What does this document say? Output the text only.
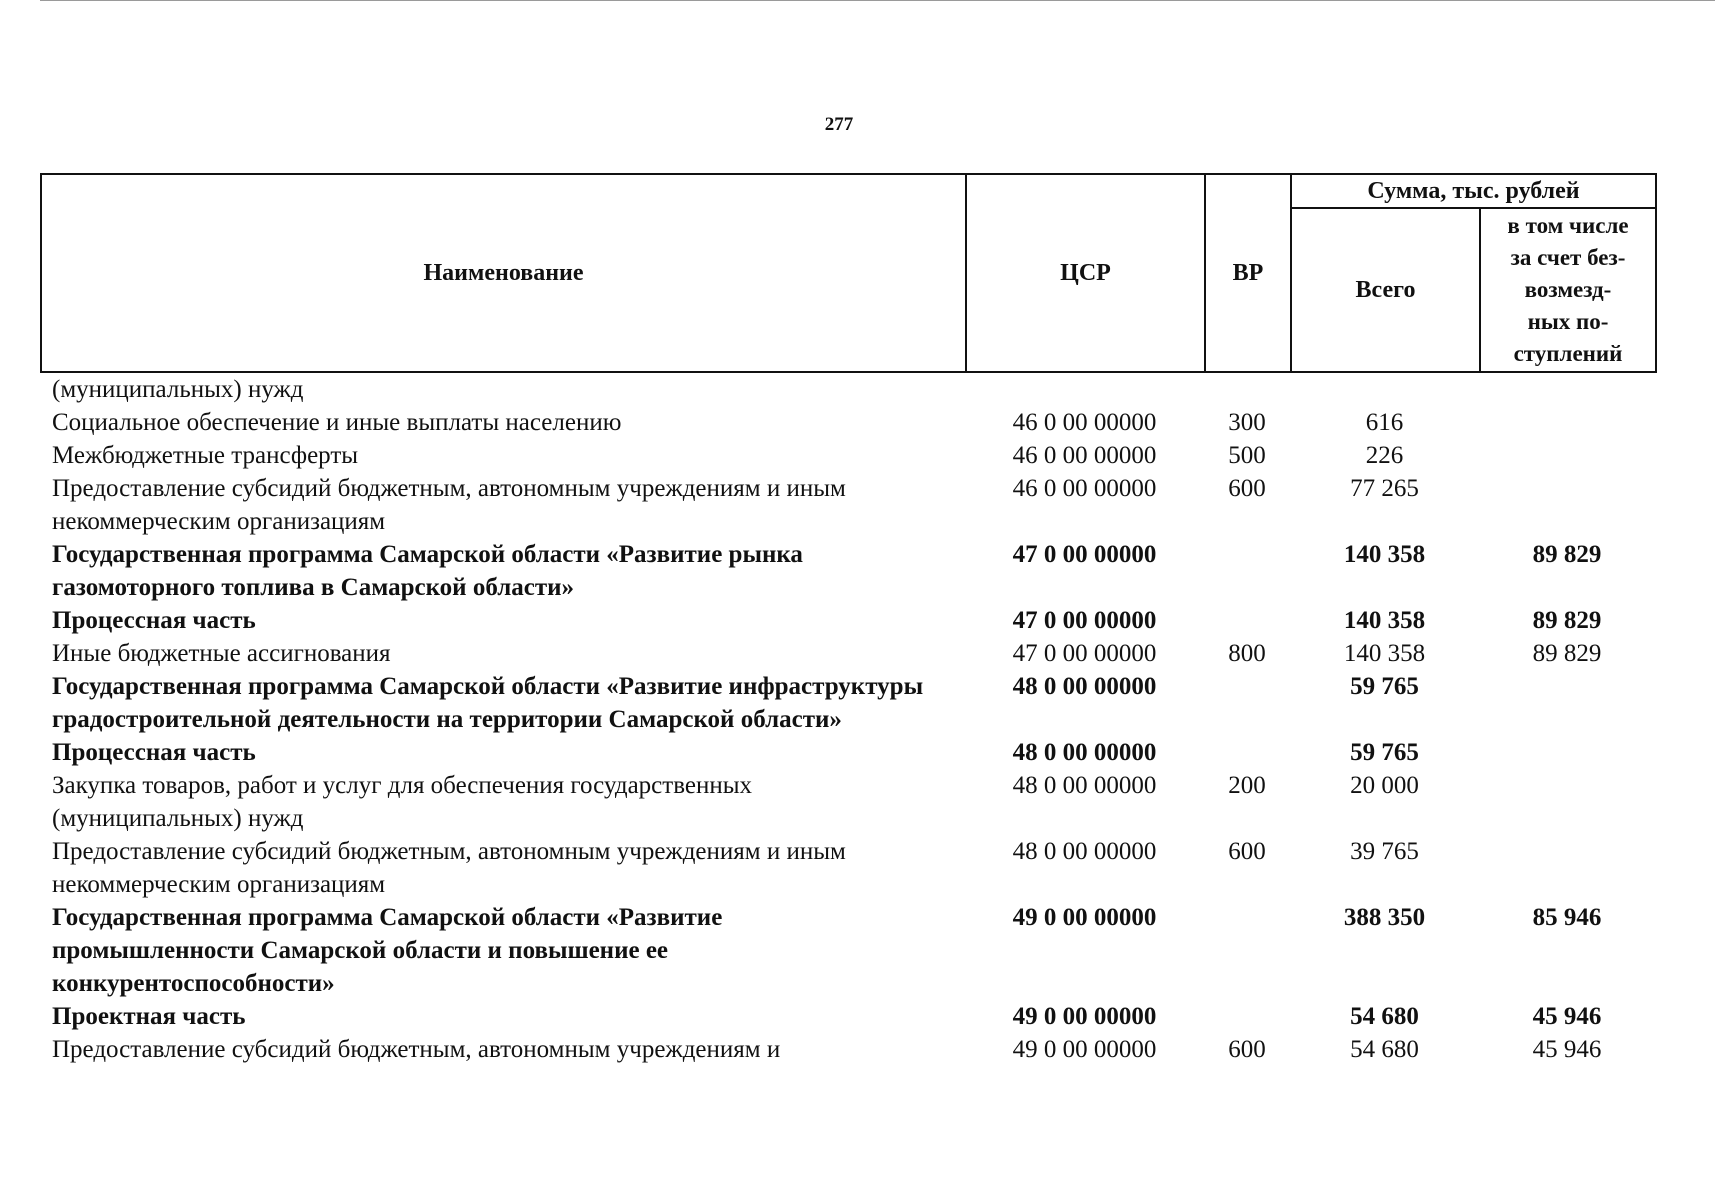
277
Наименование	ЦСР	ВР	Сумма, тыс. рублей	
			Всего	в том числе
за счет без-
возмезд-
ных по-
ступлений
(муниципальных) нужд				
Социальное обеспечение и иные выплаты населению	46 0 00 00000	300	616	
Межбюджетные трансферты	46 0 00 00000	500	226	
Предоставление субсидий бюджетным, автономным учреждениям и иным некоммерческим организациям	46 0 00 00000	600	77 265	
Государственная программа Самарской области «Развитие рынка газомоторного топлива в Самарской области»	47 0 00 00000		140 358	89 829
Процессная часть	47 0 00 00000		140 358	89 829
Иные бюджетные ассигнования	47 0 00 00000	800	140 358	89 829
Государственная программа Самарской области «Развитие инфраструктуры градостроительной деятельности на территории Самарской области»	48 0 00 00000		59 765	
Процессная часть	48 0 00 00000		59 765	
Закупка товаров, работ и услуг для обеспечения государственных (муниципальных) нужд	48 0 00 00000	200	20 000	
Предоставление субсидий бюджетным, автономным учреждениям и иным некоммерческим организациям	48 0 00 00000	600	39 765	
Государственная программа Самарской области «Развитие промышленности Самарской области и повышение ее конкурентоспособности»	49 0 00 00000		388 350	85 946
Проектная часть	49 0 00 00000		54 680	45 946
Предоставление субсидий бюджетным, автономным учреждениям и	49 0 00 00000	600	54 680	45 946
